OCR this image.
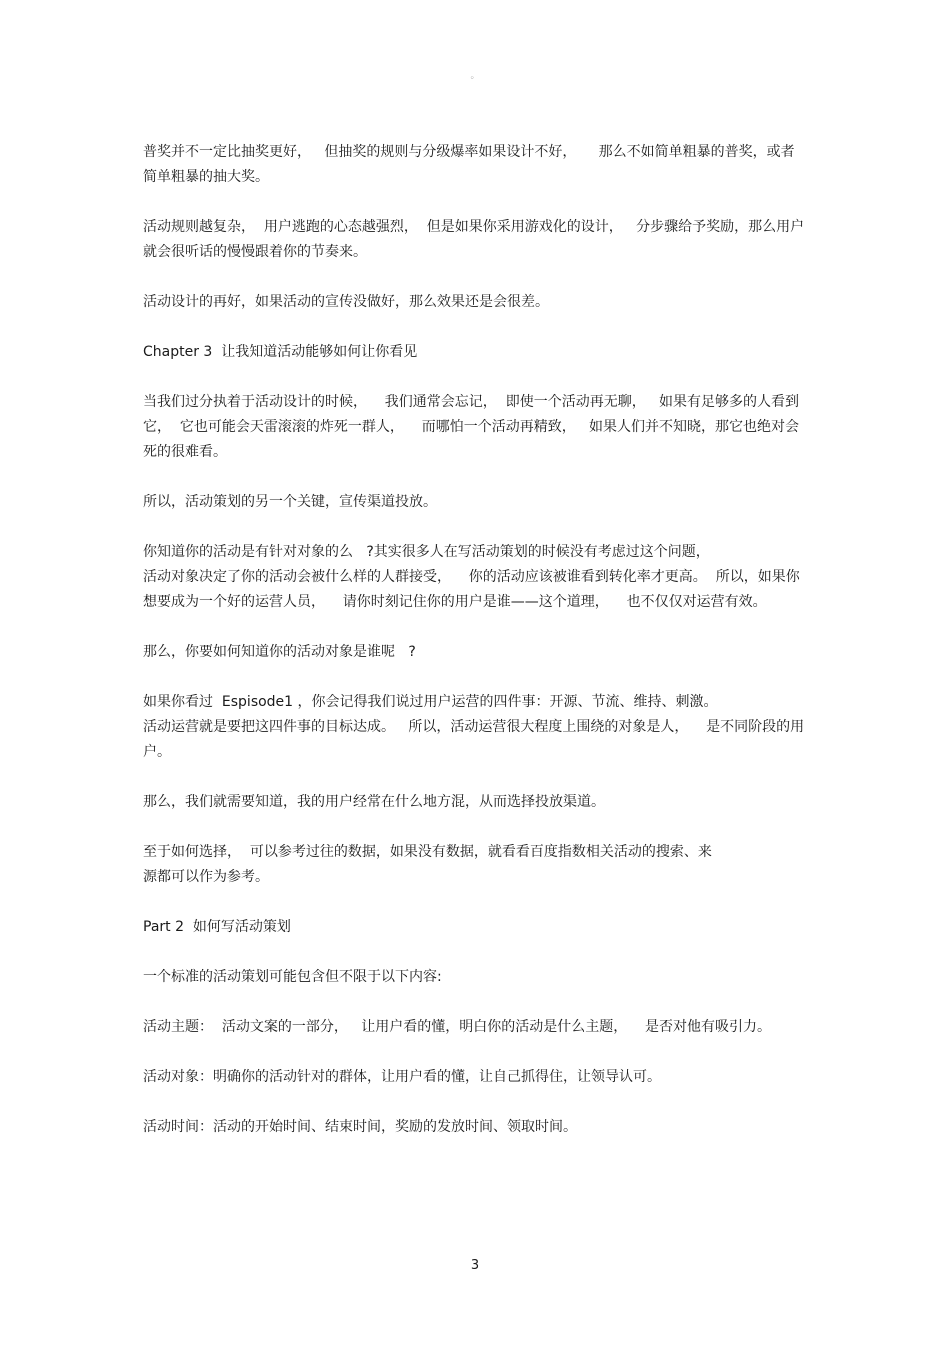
。

普奖并不一定比抽奖更好，   但抽奖的规则与分级爆率如果设计不好，     那么不如简单粗暴的普奖，或者简单粗暴的抽大奖。

活动规则越复杂，  用户逃跑的心态越强烈，  但是如果你采用游戏化的设计，   分步骤给予奖励，那么用户就会很听话的慢慢跟着你的节奏来。

活动设计的再好，如果活动的宣传没做好，那么效果还是会很差。

Chapter 3  让我知道活动能够如何让你看见

当我们过分执着于活动设计的时候，    我们通常会忘记，  即使一个活动再无聊，   如果有足够多的人看到它，  它也可能会天雷滚滚的炸死一群人，    而哪怕一个活动再精致，   如果人们并不知晓，那它也绝对会死的很难看。

所以，活动策划的另一个关键，宣传渠道投放。

你知道你的活动是有针对对象的么   ?其实很多人在写活动策划的时候没有考虑过这个问题，
活动对象决定了你的活动会被什么样的人群接受，    你的活动应该被谁看到转化率才更高。  所以，如果你想要成为一个好的运营人员，    请你时刻记住你的用户是谁——这个道理，    也不仅仅对运营有效。

那么，你要如何知道你的活动对象是谁呢   ?

如果你看过  Espisode1 ，你会记得我们说过用户运营的四件事：开源、节流、维持、刺激。
活动运营就是要把这四件事的目标达成。   所以，活动运营很大程度上围绕的对象是人，    是不同阶段的用户。

那么，我们就需要知道，我的用户经常在什么地方混，从而选择投放渠道。

至于如何选择，  可以参考过往的数据，如果没有数据，就看看百度指数相关活动的搜索、来
源都可以作为参考。

Part 2  如何写活动策划

一个标准的活动策划可能包含但不限于以下内容:

活动主题：  活动文案的一部分，   让用户看的懂，明白你的活动是什么主题，    是否对他有吸引力。

活动对象：明确你的活动针对的群体，让用户看的懂，让自己抓得住，让领导认可。

活动时间：活动的开始时间、结束时间，奖励的发放时间、领取时间。

3
